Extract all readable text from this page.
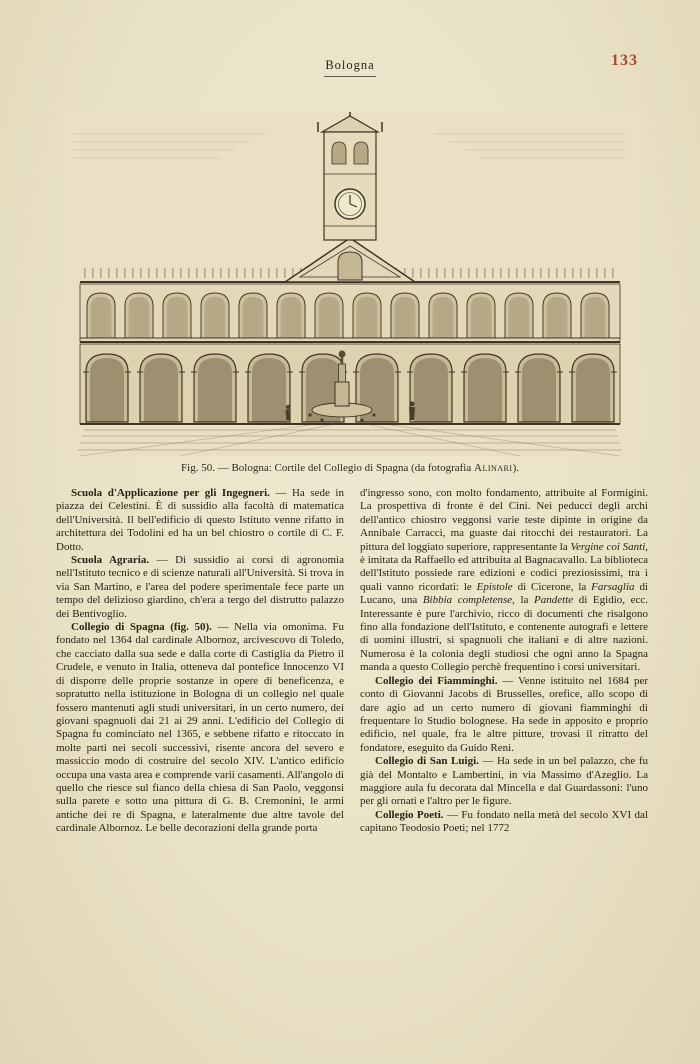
Bologna	133
Fig. 50. — Bologna: Cortile del Collegio di Spagna (da fotografia Alinari).

Scuola d'Applicazione per gli Ingegneri. — Ha sede in piazza dei Celestini. È di sussidio alla facoltà di matematica dell'Università. Il bell'edificio di questo Istituto venne rifatto in architettura dei Todolini ed ha un bel chiostro o cortile di C. F. Dotto.

Scuola Agraria. — Di sussidio ai corsi di agronomia nell'Istituto tecnico e di scienze naturali all'Università. Si trova in via San Martino, e l'area del podere sperimentale fece parte un tempo del delizioso giardino, ch'era a tergo del distrutto palazzo dei Bentivoglio.

Collegio di Spagna (fig. 50). — Nella via omonima. Fu fondato nel 1364 dal cardinale Albornoz, arcivescovo di Toledo, che cacciato dalla sua sede e dalla corte di Castiglia da Pietro il Crudele, e venuto in Italia, otteneva dal pontefice Innocenzo VI di disporre delle proprie sostanze in opere di beneficenza, e sopratutto nella istituzione in Bologna di un collegio nel quale fossero mantenuti agli studi universitari, in un certo numero, dei giovani spagnuoli dai 21 ai 29 anni. L'edificio del Collegio di Spagna fu cominciato nel 1365, e sebbene rifatto e ritoccato in molte parti nei secoli successivi, risente ancora del severo e massiccio modo di costruire del secolo XIV. L'antico edificio occupa una vasta area e comprende varii casamenti. All'angolo di quello che riesce sul fianco della chiesa di San Paolo, veggonsi sulla parete e sotto una pittura di G. B. Cremonini, le armi antiche dei re di Spagna, e lateralmente due altre tavole del cardinale Albornoz. Le belle decorazioni della grande porta

d'ingresso sono, con molto fondamento, attribuite al Formigini. La prospettiva di fronte è del Cini. Nei peducci degli archi dell'antico chiostro veggonsi varie teste dipinte in origine da Annibale Carracci, ma guaste dai ritocchi dei restauratori. La pittura del loggiato superiore, rappresentante la Vergine coi Santi, è imitata da Raffaello ed attribuita al Bagnacavallo. La biblioteca dell'Istituto possiede rare edizioni e codici preziosissimi, tra i quali vanno ricordati: le Epistole di Cicerone, la Farsaglia di Lucano, una Bibbia completense, la Pandette di Egidio, ecc. Interessante è pure l'archivio, ricco di documenti che risalgono fino alla fondazione dell'Istituto, e contenente autografi e lettere di uomini illustri, si spagnuoli che italiani e di altre nazioni. Numerosa è la colonia degli studiosi che ogni anno la Spagna manda a questo Collegio perchè frequentino i corsi universitari.

Collegio dei Fiamminghi. — Venne istituito nel 1684 per conto di Giovanni Jacobs di Brusselles, orefice, allo scopo di dare agio ad un certo numero di giovani fiamminghi di frequentare lo Studio bolognese. Ha sede in apposito e proprio edificio, nel quale, fra le altre pitture, trovasi il ritratto del fondatore, eseguito da Guido Reni.

Collegio di San Luigi. — Ha sede in un bel palazzo, che fu già del Montalto e Lambertini, in via Massimo d'Azeglio. La maggiore aula fu decorata dal Mincella e dal Guardassoni: l'uno per gli ornati e l'altro per le figure.

Collegio Poeti. — Fu fondato nella metà del secolo XVI dal capitano Teodosio Poeti; nel 1772
